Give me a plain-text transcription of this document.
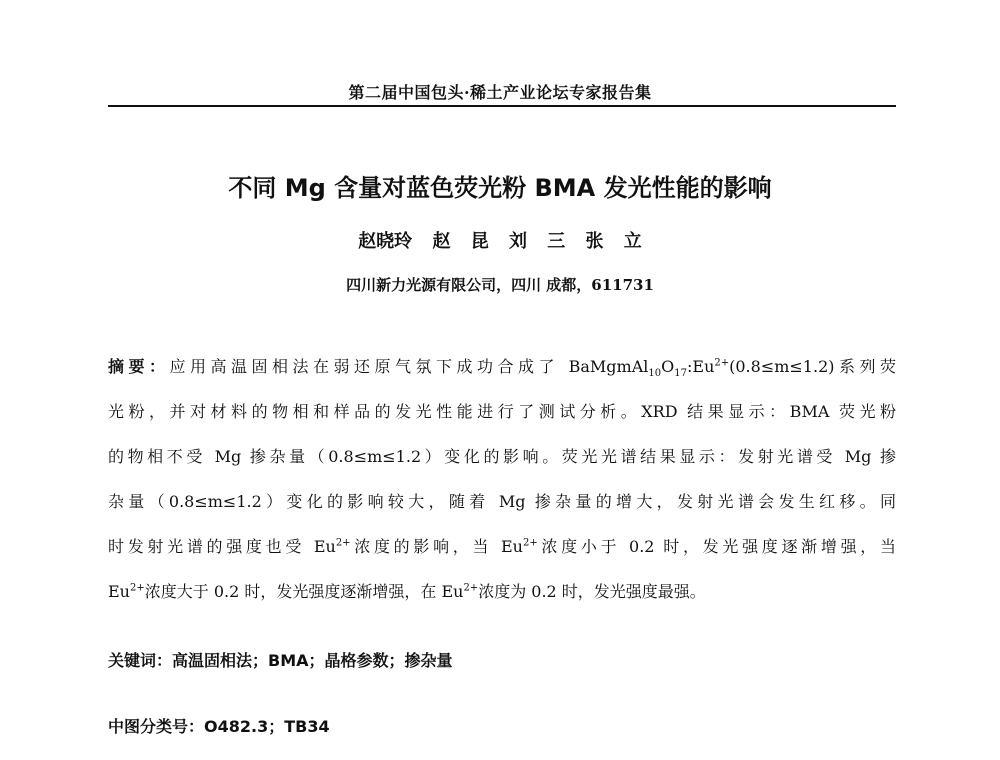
第二届中国包头·稀土产业论坛专家报告集
不同 Mg 含量对蓝色荧光粉 BMA 发光性能的影响
赵晓玲 赵 昆 刘 三 张 立
四川新力光源有限公司，四川 成都，611731
摘要：应用高温固相法在弱还原气氛下成功合成了 $BaMgmAl_{10}O_{17}:Eu^{2+}(0.8\le m\le 1.2)$系列荧
光粉，并对材料的物相和样品的发光性能进行了测试分析。XRD 结果显示：BMA 荧光粉
的物相不受 Mg 掺杂量（0.8≤m≤1.2）变化的影响。荧光光谱结果显示：发射光谱受 Mg 掺
杂量（0.8≤m≤1.2）变化的影响较大，随着 Mg 掺杂量的增大，发射光谱会发生红移。同
时发射光谱的强度也受 $Eu^{2+}$浓度的影响，当 $Eu^{2+}$浓度小于 0.2 时，发光强度逐渐增强，当
$Eu^{2+}$浓度大于 0.2 时，发光强度逐渐增强，在 $Eu^{2+}$浓度为 0.2 时，发光强度最强。
关键词：高温固相法；BMA；晶格参数；掺杂量
中图分类号：O482.3；TB34
